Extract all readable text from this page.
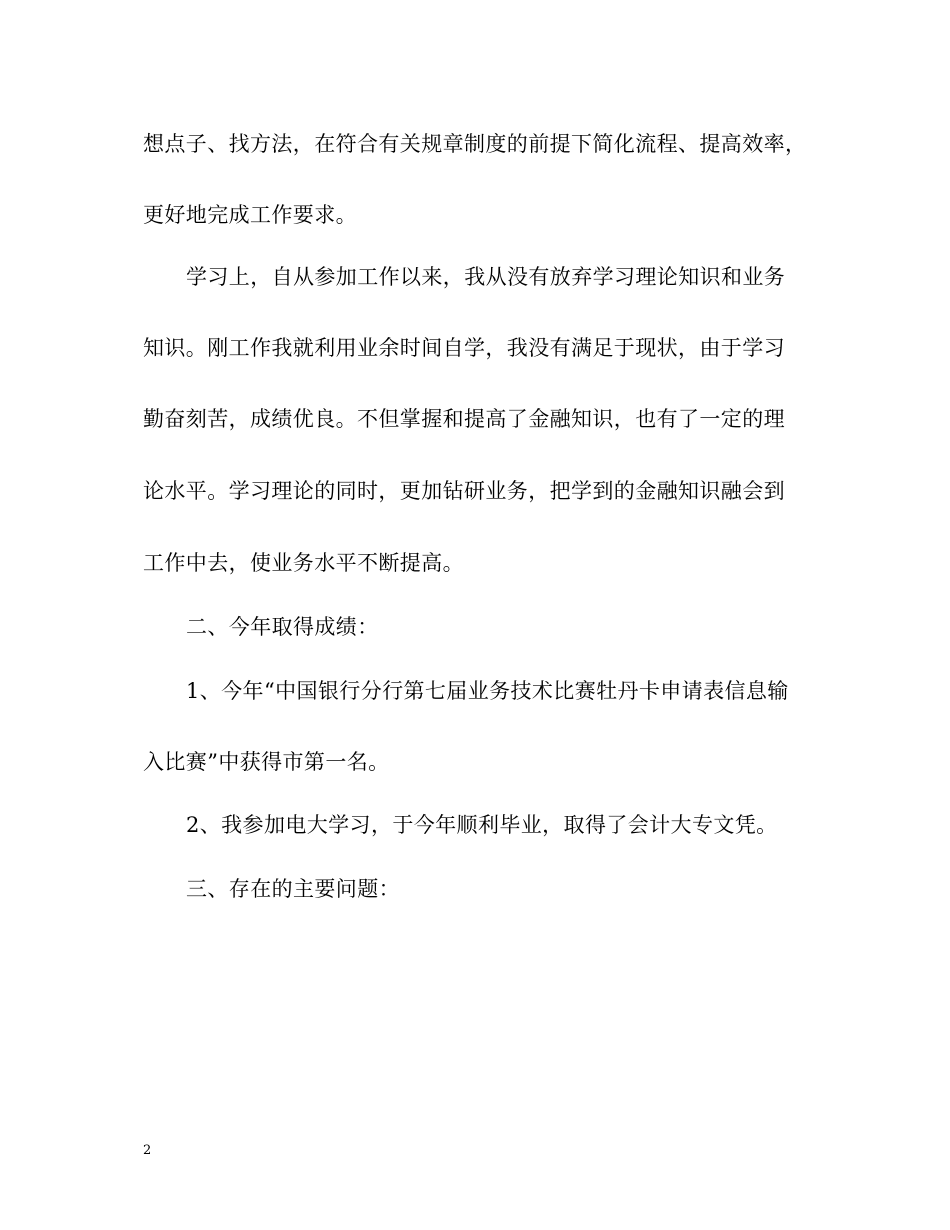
想点子、找方法，在符合有关规章制度的前提下简化流程、提高效率，
更好地完成工作要求。
学习上，自从参加工作以来，我从没有放弃学习理论知识和业务
知识。刚工作我就利用业余时间自学，我没有满足于现状，由于学习
勤奋刻苦，成绩优良。不但掌握和提高了金融知识，也有了一定的理
论水平。学习理论的同时，更加钻研业务，把学到的金融知识融会到
工作中去，使业务水平不断提高。
二、今年取得成绩：
1、今年“中国银行分行第七届业务技术比赛牡丹卡申请表信息输
入比赛”中获得市第一名。
2、我参加电大学习，于今年顺利毕业，取得了会计大专文凭。
三、存在的主要问题：
2
